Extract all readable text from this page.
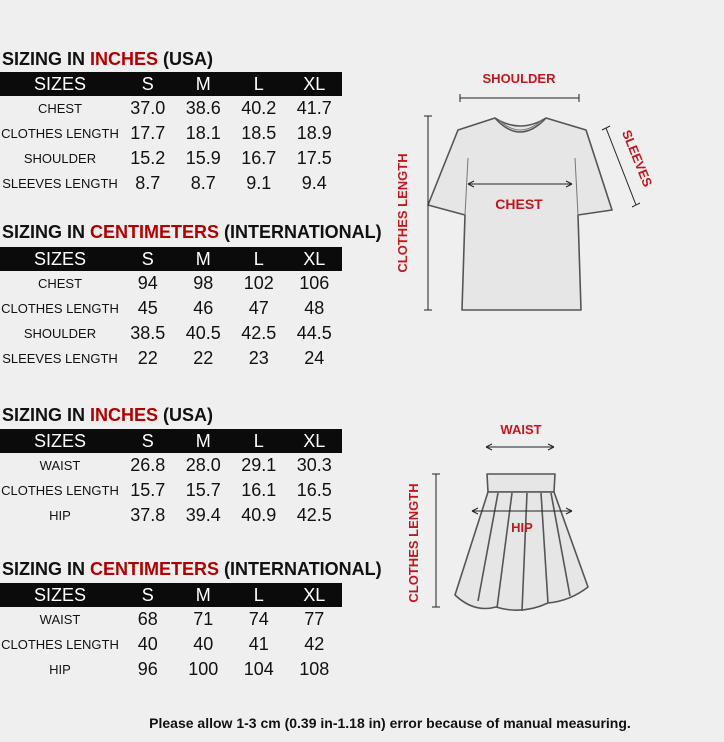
SIZING IN INCHES (USA)
SIZES	S	M	L	XL
CHEST	37.0	38.6	40.2	41.7
CLOTHES LENGTH	17.7	18.1	18.5	18.9
SHOULDER	15.2	15.9	16.7	17.5
SLEEVES LENGTH	8.7	8.7	9.1	9.4
SIZING IN CENTIMETERS (INTERNATIONAL)
SIZES	S	M	L	XL
CHEST	94	98	102	106
CLOTHES LENGTH	45	46	47	48
SHOULDER	38.5	40.5	42.5	44.5
SLEEVES LENGTH	22	22	23	24
SIZING IN INCHES (USA)
SIZES	S	M	L	XL
WAIST	26.8	28.0	29.1	30.3
CLOTHES LENGTH	15.7	15.7	16.1	16.5
HIP	37.8	39.4	40.9	42.5
SIZING IN CENTIMETERS (INTERNATIONAL)
SIZES	S	M	L	XL
WAIST	68	71	74	77
CLOTHES LENGTH	40	40	41	42
HIP	96	100	104	108
SHOULDER
CHEST
CLOTHES LENGTH	SLEEVES
WAIST
HIP
CLOTHES LENGTH
Please allow 1-3 cm (0.39 in-1.18 in) error because of manual measuring.
